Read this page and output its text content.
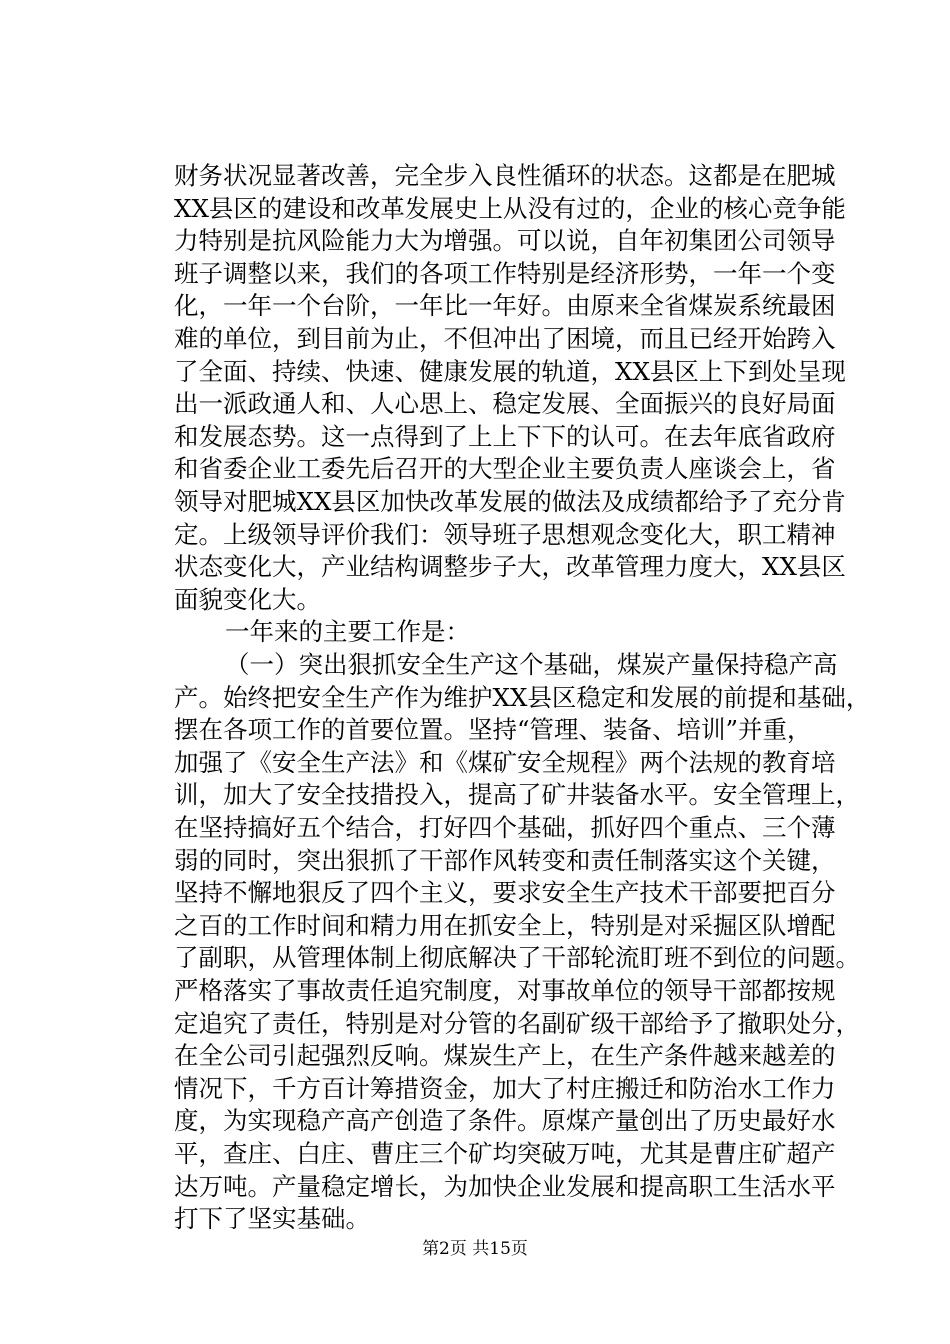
财务状况显著改善，完全步入良性循环的状态。这都是在肥城
XX县区的建设和改革发展史上从没有过的，企业的核心竞争能
力特别是抗风险能力大为增强。可以说，自年初集团公司领导
班子调整以来，我们的各项工作特别是经济形势，一年一个变
化，一年一个台阶，一年比一年好。由原来全省煤炭系统最困
难的单位，到目前为止，不但冲出了困境，而且已经开始跨入
了全面、持续、快速、健康发展的轨道，XX县区上下到处呈现
出一派政通人和、人心思上、稳定发展、全面振兴的良好局面
和发展态势。这一点得到了上上下下的认可。在去年底省政府
和省委企业工委先后召开的大型企业主要负责人座谈会上，省
领导对肥城XX县区加快改革发展的做法及成绩都给予了充分肯
定。上级领导评价我们：领导班子思想观念变化大，职工精神
状态变化大，产业结构调整步子大，改革管理力度大，XX县区
面貌变化大。
一年来的主要工作是：
（一）突出狠抓安全生产这个基础，煤炭产量保持稳产高
产。始终把安全生产作为维护XX县区稳定和发展的前提和基础，
摆在各项工作的首要位置。坚持“管理、装备、培训”并重，
加强了《安全生产法》和《煤矿安全规程》两个法规的教育培
训，加大了安全技措投入，提高了矿井装备水平。安全管理上，
在坚持搞好五个结合，打好四个基础，抓好四个重点、三个薄
弱的同时，突出狠抓了干部作风转变和责任制落实这个关键，
坚持不懈地狠反了四个主义，要求安全生产技术干部要把百分
之百的工作时间和精力用在抓安全上，特别是对采掘区队增配
了副职，从管理体制上彻底解决了干部轮流盯班不到位的问题。
严格落实了事故责任追究制度，对事故单位的领导干部都按规
定追究了责任，特别是对分管的名副矿级干部给予了撤职处分，
在全公司引起强烈反响。煤炭生产上，在生产条件越来越差的
情况下，千方百计筹措资金，加大了村庄搬迁和防治水工作力
度，为实现稳产高产创造了条件。原煤产量创出了历史最好水
平，查庄、白庄、曹庄三个矿均突破万吨，尤其是曹庄矿超产
达万吨。产量稳定增长，为加快企业发展和提高职工生活水平
打下了坚实基础。
第2页 共15页
